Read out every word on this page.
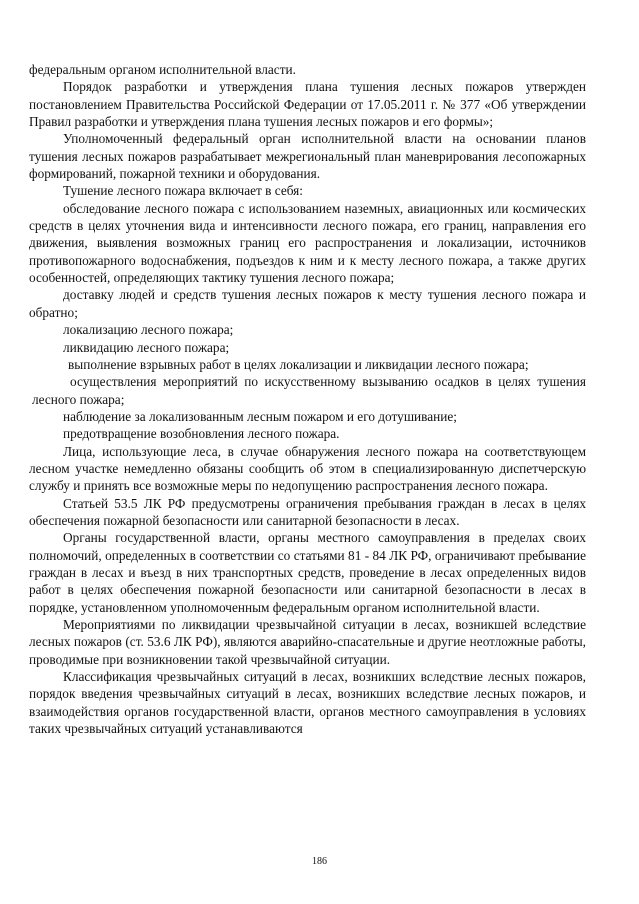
федеральным органом исполнительной власти.

Порядок разработки и утверждения плана тушения лесных пожаров утвержден постановлением Правительства Российской Федерации от 17.05.2011 г. № 377 «Об утверждении Правил разработки и утверждения плана тушения лесных пожаров и его формы»;

Уполномоченный федеральный орган исполнительной власти на основании планов тушения лесных пожаров разрабатывает межрегиональный план маневрирования лесопожарных формирований, пожарной техники и оборудования.

Тушение лесного пожара включает в себя:

обследование лесного пожара с использованием наземных, авиационных или космических средств в целях уточнения вида и интенсивности лесного пожара, его границ, направления его движения, выявления возможных границ его распространения и локализации, источников противопожарного водоснабжения, подъездов к ним и к месту лесного пожара, а также других особенностей, определяющих тактику тушения лесного пожара;

доставку людей и средств тушения лесных пожаров к месту тушения лесного пожара и обратно;

локализацию лесного пожара;

ликвидацию лесного пожара;

выполнение взрывных работ в целях локализации и ликвидации лесного пожара;

осуществления мероприятий по искусственному вызыванию осадков в целях тушения лесного пожара;

наблюдение за локализованным лесным пожаром и его дотушивание;

предотвращение возобновления лесного пожара.

Лица, использующие леса, в случае обнаружения лесного пожара на соответствующем лесном участке немедленно обязаны сообщить об этом в специализированную диспетчерскую службу и принять все возможные меры по недопущению распространения лесного пожара.

Статьей 53.5 ЛК РФ предусмотрены ограничения пребывания граждан в лесах в целях обеспечения пожарной безопасности или санитарной безопасности в лесах.

Органы государственной власти, органы местного самоуправления в пределах своих полномочий, определенных в соответствии со статьями 81 - 84 ЛК РФ, ограничивают пребывание граждан в лесах и въезд в них транспортных средств, проведение в лесах определенных видов работ в целях обеспечения пожарной безопасности или санитарной безопасности в лесах в порядке, установленном уполномоченным федеральным органом исполнительной власти.

Мероприятиями по ликвидации чрезвычайной ситуации в лесах, возникшей вследствие лесных пожаров (ст. 53.6 ЛК РФ), являются аварийно-спасательные и другие неотложные работы, проводимые при возникновении такой чрезвычайной ситуации.

Классификация чрезвычайных ситуаций в лесах, возникших вследствие лесных пожаров, порядок введения чрезвычайных ситуаций в лесах, возникших вследствие лесных пожаров, и взаимодействия органов государственной власти, органов местного самоуправления в условиях таких чрезвычайных ситуаций устанавливаются

186
